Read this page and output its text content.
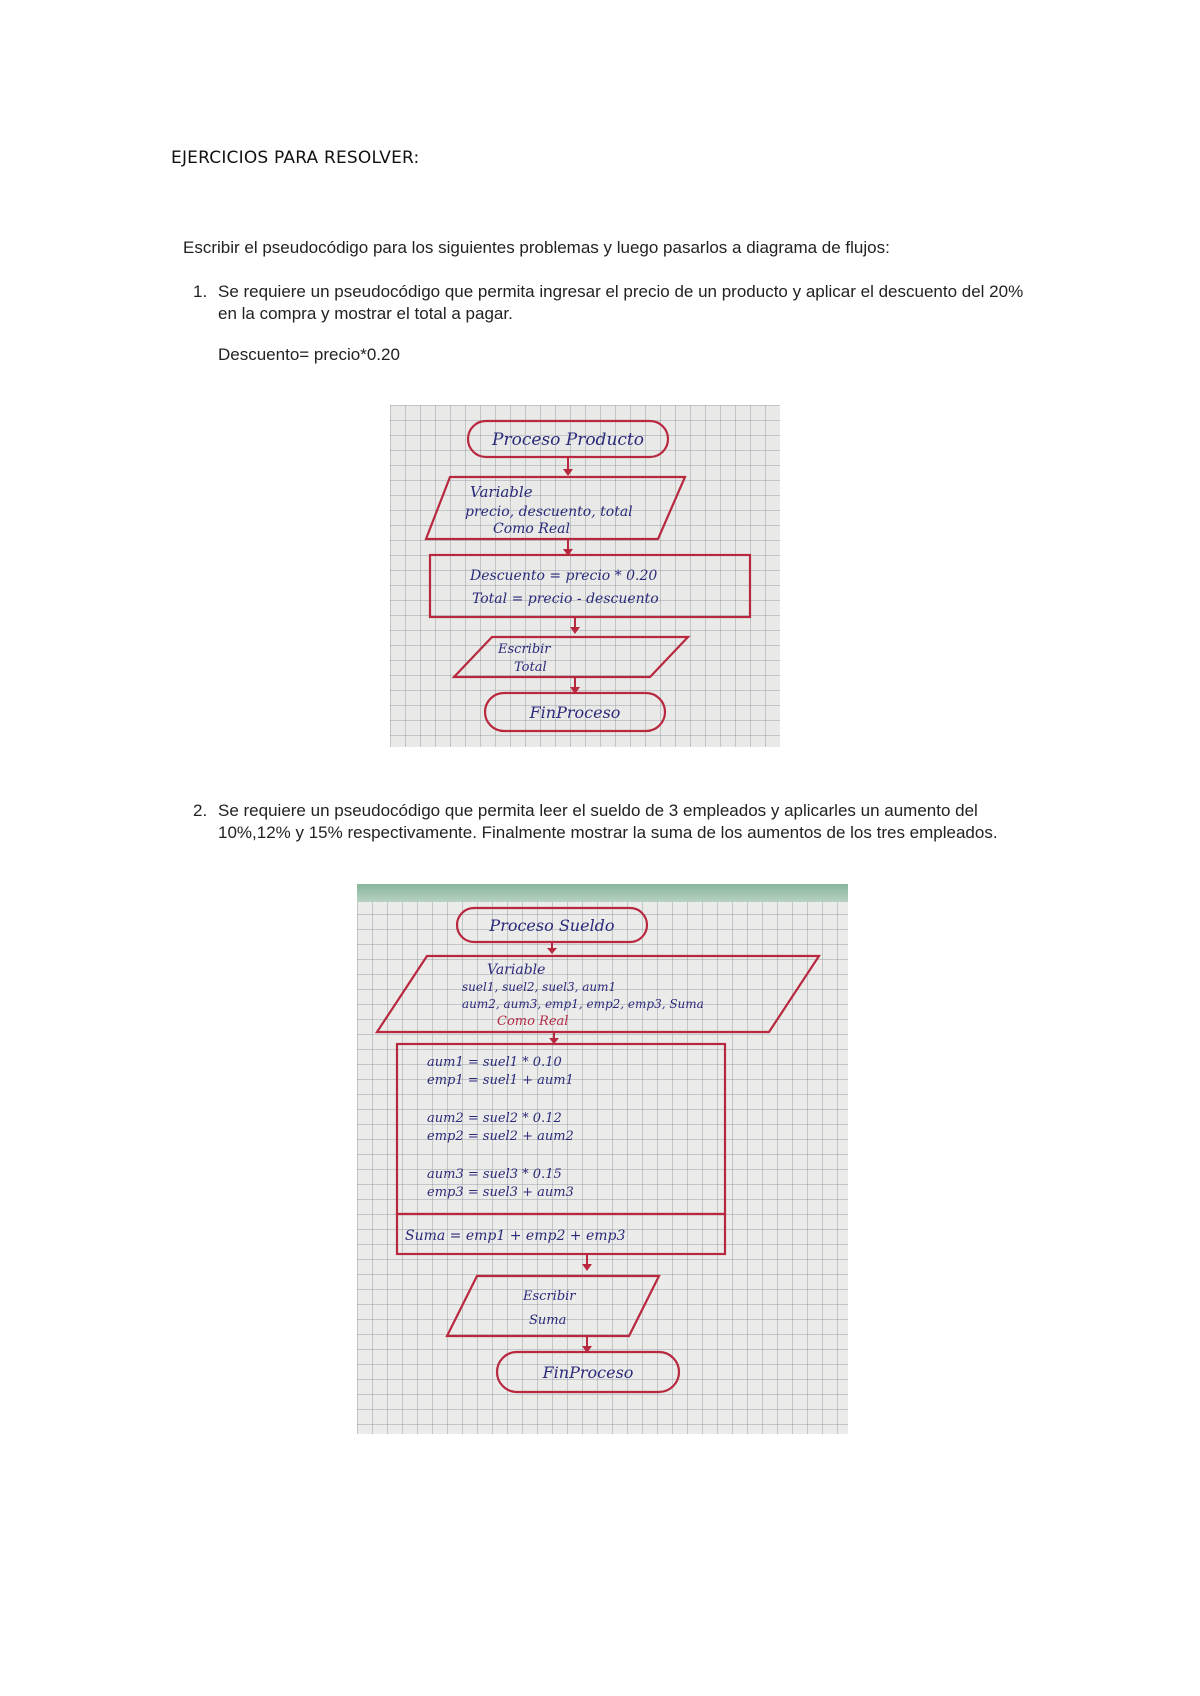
EJERCICIOS PARA RESOLVER:
Escribir el pseudocódigo para los siguientes problemas y luego pasarlos a diagrama de flujos:
1. Se requiere un pseudocódigo que permita ingresar el precio de un producto y aplicar el descuento del 20% en la compra y mostrar el total a pagar.
Descuento= precio*0.20
Proceso Producto
Variable
precio, descuento, total
Como Real
Descuento = precio * 0.20
Total = precio - descuento
Escribir
Total
FinProceso
2. Se requiere un pseudocódigo que permita leer el sueldo de 3 empleados y aplicarles un aumento del 10%,12% y 15% respectivamente. Finalmente mostrar la suma de los aumentos de los tres empleados.
Proceso Sueldo
Variable
suel1, suel2, suel3, aum1
aum2, aum3, emp1, emp2, emp3, Suma
Como Real
aum1 = suel1 * 0.10
emp1 = suel1 + aum1
aum2 = suel2 * 0.12
emp2 = suel2 + aum2
aum3 = suel3 * 0.15
emp3 = suel3 + aum3
Suma = emp1 + emp2 + emp3
Escribir
Suma
FinProceso
